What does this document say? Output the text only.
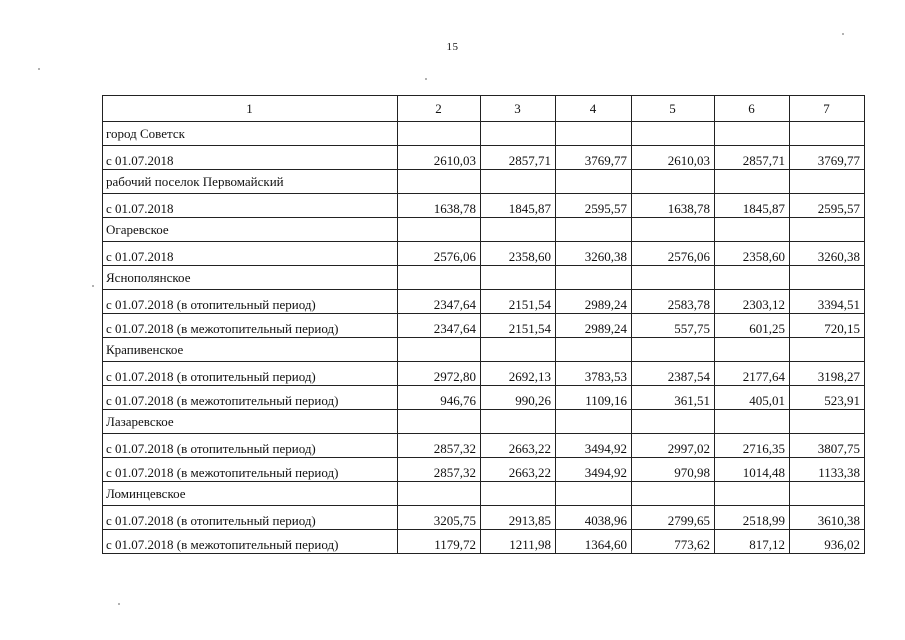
15
1	2	3	4	5	6	7
город Советск						
с 01.07.2018	2610,03	2857,71	3769,77	2610,03	2857,71	3769,77
рабочий поселок Первомайский						
с 01.07.2018	1638,78	1845,87	2595,57	1638,78	1845,87	2595,57
Огаревское						
с 01.07.2018	2576,06	2358,60	3260,38	2576,06	2358,60	3260,38
Яснополянское						
с 01.07.2018 (в отопительный период)	2347,64	2151,54	2989,24	2583,78	2303,12	3394,51
с 01.07.2018 (в межотопительный период)	2347,64	2151,54	2989,24	557,75	601,25	720,15
Крапивенское						
с 01.07.2018 (в отопительный период)	2972,80	2692,13	3783,53	2387,54	2177,64	3198,27
с 01.07.2018 (в межотопительный период)	946,76	990,26	1109,16	361,51	405,01	523,91
Лазаревское						
с 01.07.2018 (в отопительный период)	2857,32	2663,22	3494,92	2997,02	2716,35	3807,75
с 01.07.2018 (в межотопительный период)	2857,32	2663,22	3494,92	970,98	1014,48	1133,38
Ломинцевское						
с 01.07.2018 (в отопительный период)	3205,75	2913,85	4038,96	2799,65	2518,99	3610,38
с 01.07.2018 (в межотопительный период)	1179,72	1211,98	1364,60	773,62	817,12	936,02
